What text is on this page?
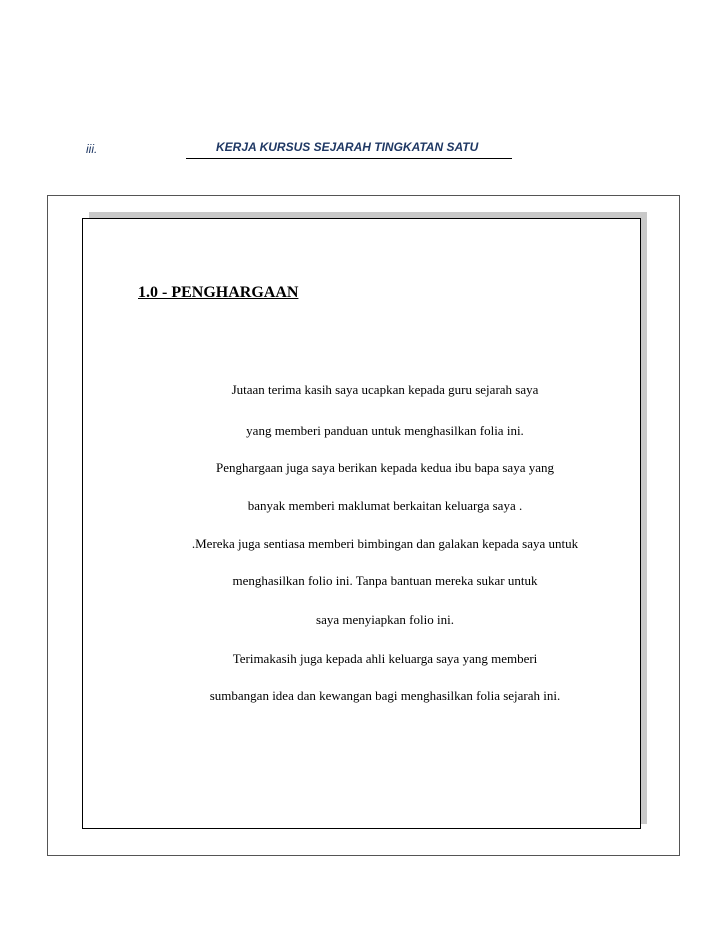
iii.	KERJA KURSUS SEJARAH TINGKATAN SATU
1.0 - PENGHARGAAN
Jutaan terima kasih saya ucapkan kepada guru sejarah saya
yang memberi panduan untuk menghasilkan folia ini.
Penghargaan juga saya berikan kepada kedua ibu bapa saya yang
banyak memberi maklumat berkaitan keluarga saya .
.Mereka juga sentiasa memberi bimbingan dan galakan kepada saya untuk
menghasilkan folio ini. Tanpa bantuan mereka sukar untuk
saya menyiapkan folio ini.
Terimakasih juga kepada ahli keluarga saya yang memberi
sumbangan idea dan kewangan bagi menghasilkan folia sejarah ini.
